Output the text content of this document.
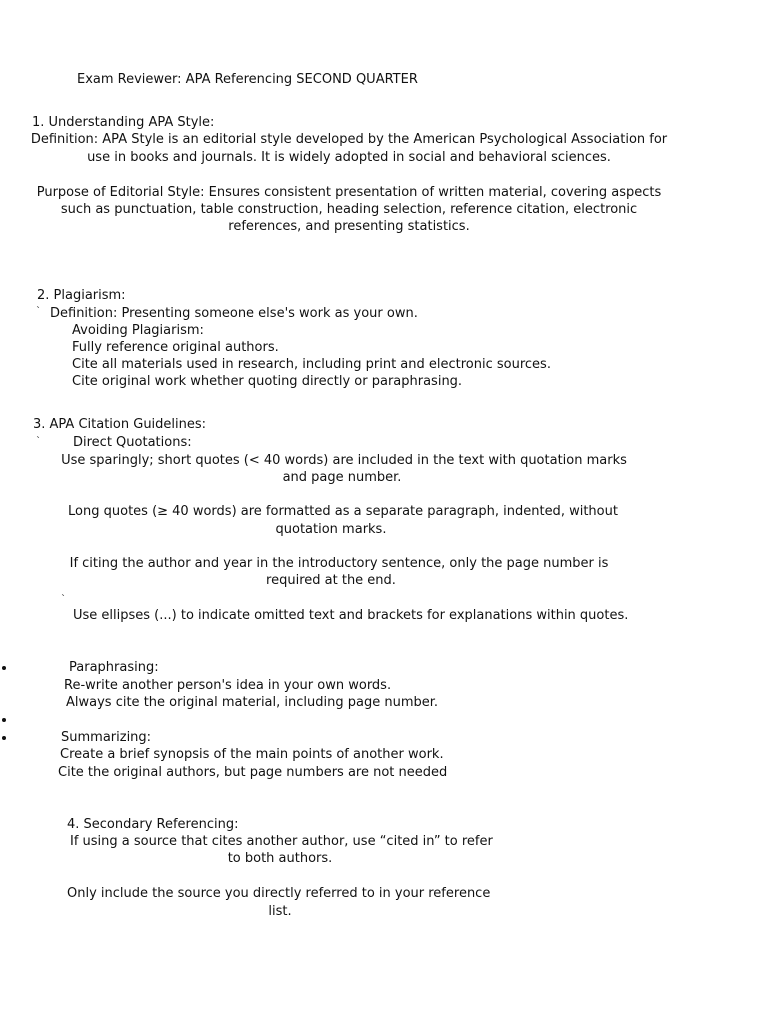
Exam Reviewer: APA Referencing SECOND QUARTER

1. Understanding APA Style:

Definition: APA Style is an editorial style developed by the American Psychological Association for

use in books and journals. It is widely adopted in social and behavioral sciences.

Purpose of Editorial Style: Ensures consistent presentation of written material, covering aspects

such as punctuation, table construction, heading selection, reference citation, electronic

references, and presenting statistics.

2. Plagiarism:

` Definition: Presenting someone else's work as your own.

Avoiding Plagiarism:

Fully reference original authors.

Cite all materials used in research, including print and electronic sources.

Cite original work whether quoting directly or paraphrasing.

3. APA Citation Guidelines:

` Direct Quotations:

Use sparingly; short quotes (< 40 words) are included in the text with quotation marks

and page number.

Long quotes (≥ 40 words) are formatted as a separate paragraph, indented, without

quotation marks.

If citing the author and year in the introductory sentence, only the page number is

required at the end.

`

Use ellipses (...) to indicate omitted text and brackets for explanations within quotes.

Paraphrasing:

Re-write another person's idea in your own words.

Always cite the original material, including page number.

Summarizing:

Create a brief synopsis of the main points of another work.

Cite the original authors, but page numbers are not needed

4. Secondary Referencing:

If using a source that cites another author, use “cited in” to refer

to both authors.

Only include the source you directly referred to in your reference

list.
